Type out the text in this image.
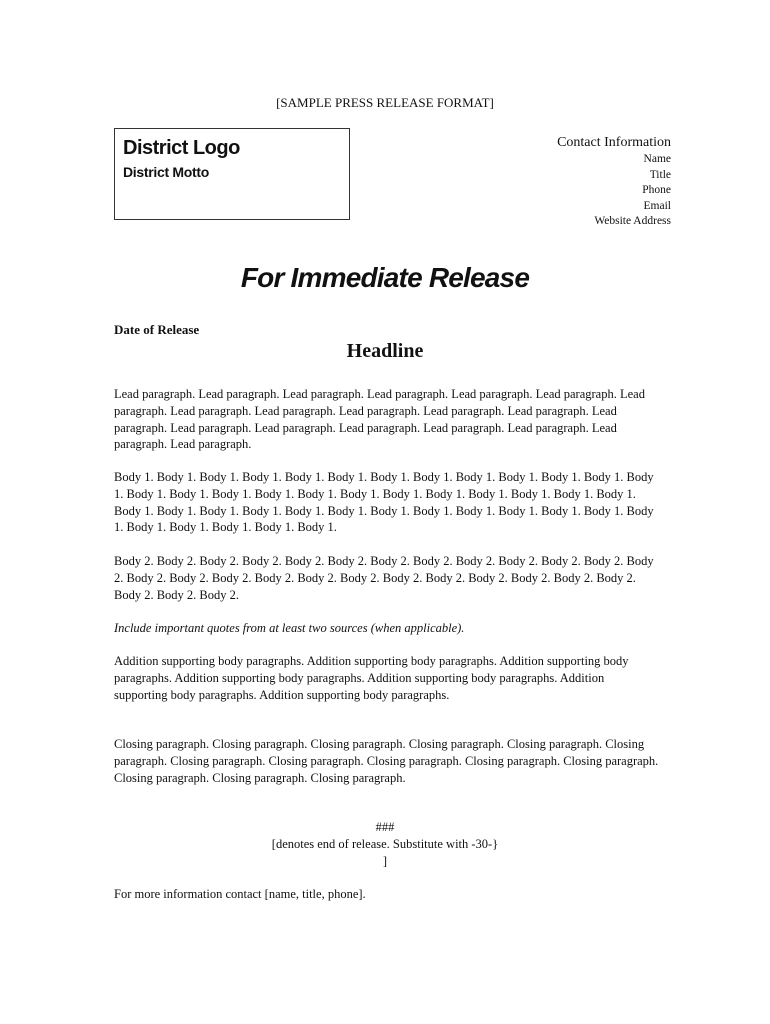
[SAMPLE PRESS RELEASE FORMAT]
District Logo
District Motto
Contact Information
Name
Title
Phone
Email
Website Address
For Immediate Release
Date of Release
Headline

Lead paragraph. Lead paragraph. Lead paragraph. Lead paragraph. Lead paragraph. Lead paragraph. Lead paragraph. Lead paragraph. Lead paragraph. Lead paragraph. Lead paragraph. Lead paragraph. Lead paragraph. Lead paragraph. Lead paragraph. Lead paragraph. Lead paragraph. Lead paragraph. Lead paragraph. Lead paragraph.

Body 1. Body 1. Body 1. Body 1. Body 1. Body 1. Body 1. Body 1. Body 1. Body 1. Body 1. Body 1. Body 1. Body 1. Body 1. Body 1. Body 1. Body 1. Body 1. Body 1. Body 1. Body 1. Body 1. Body 1. Body 1. Body 1. Body 1. Body 1. Body 1. Body 1. Body 1. Body 1. Body 1. Body 1. Body 1. Body 1. Body 1. Body 1. Body 1. Body 1. Body 1. Body 1. Body 1.

Body 2. Body 2. Body 2. Body 2. Body 2. Body 2. Body 2. Body 2. Body 2. Body 2. Body 2. Body 2. Body 2. Body 2. Body 2. Body 2. Body 2. Body 2. Body 2. Body 2. Body 2. Body 2. Body 2. Body 2. Body 2. Body 2. Body 2. Body 2.

Include important quotes from at least two sources (when applicable).

Addition supporting body paragraphs. Addition supporting body paragraphs. Addition supporting body paragraphs. Addition supporting body paragraphs. Addition supporting body paragraphs. Addition supporting body paragraphs. Addition supporting body paragraphs.

Closing paragraph. Closing paragraph. Closing paragraph. Closing paragraph. Closing paragraph. Closing paragraph. Closing paragraph. Closing paragraph. Closing paragraph. Closing paragraph. Closing paragraph. Closing paragraph. Closing paragraph. Closing paragraph.

###
[denotes end of release. Substitute with -30-}
]
For more information contact [name, title, phone].
